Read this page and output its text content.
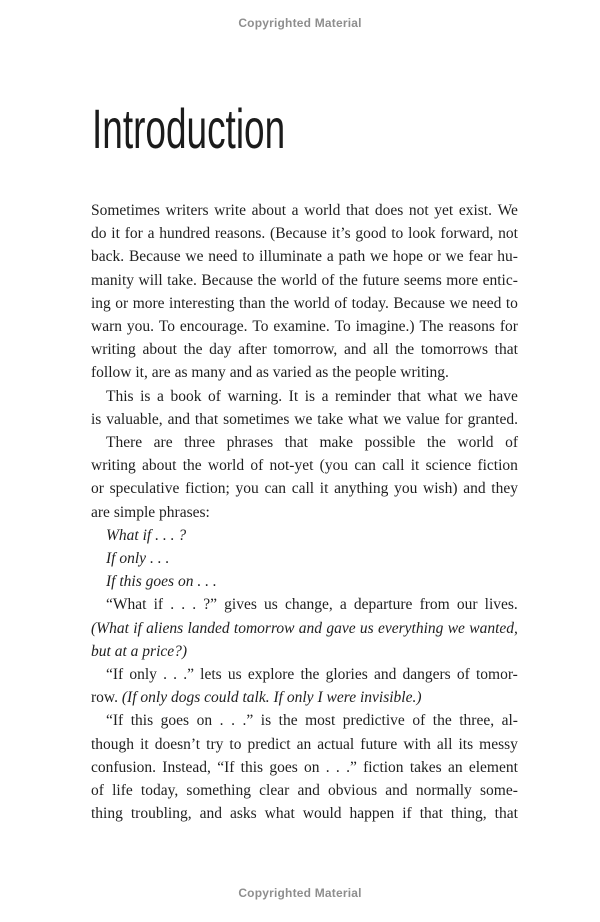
Copyrighted Material
Introduction
Sometimes writers write about a world that does not yet exist. We
do it for a hundred reasons. (Because it’s good to look forward, not
back. Because we need to illuminate a path we hope or we fear hu-
manity will take. Because the world of the future seems more entic-
ing or more interesting than the world of today. Because we need to
warn you. To encourage. To examine. To imagine.) The reasons for
writing about the day after tomorrow, and all the tomorrows that
follow it, are as many and as varied as the people writing.
This is a book of warning. It is a reminder that what we have
is valuable, and that sometimes we take what we value for granted.
There are three phrases that make possible the world of
writing about the world of not-yet (you can call it science fiction
or speculative fiction; you can call it anything you wish) and they
are simple phrases:
What if . . . ?
If only . . .
If this goes on . . .
“What if . . . ?” gives us change, a departure from our lives.
(What if aliens landed tomorrow and gave us everything we wanted,
but at a price?)
“If only . . .” lets us explore the glories and dangers of tomor-
row. (If only dogs could talk. If only I were invisible.)
“If this goes on . . .” is the most predictive of the three, al-
though it doesn’t try to predict an actual future with all its messy
confusion. Instead, “If this goes on . . .” fiction takes an element
of life today, something clear and obvious and normally some-
thing troubling, and asks what would happen if that thing, that
Copyrighted Material
